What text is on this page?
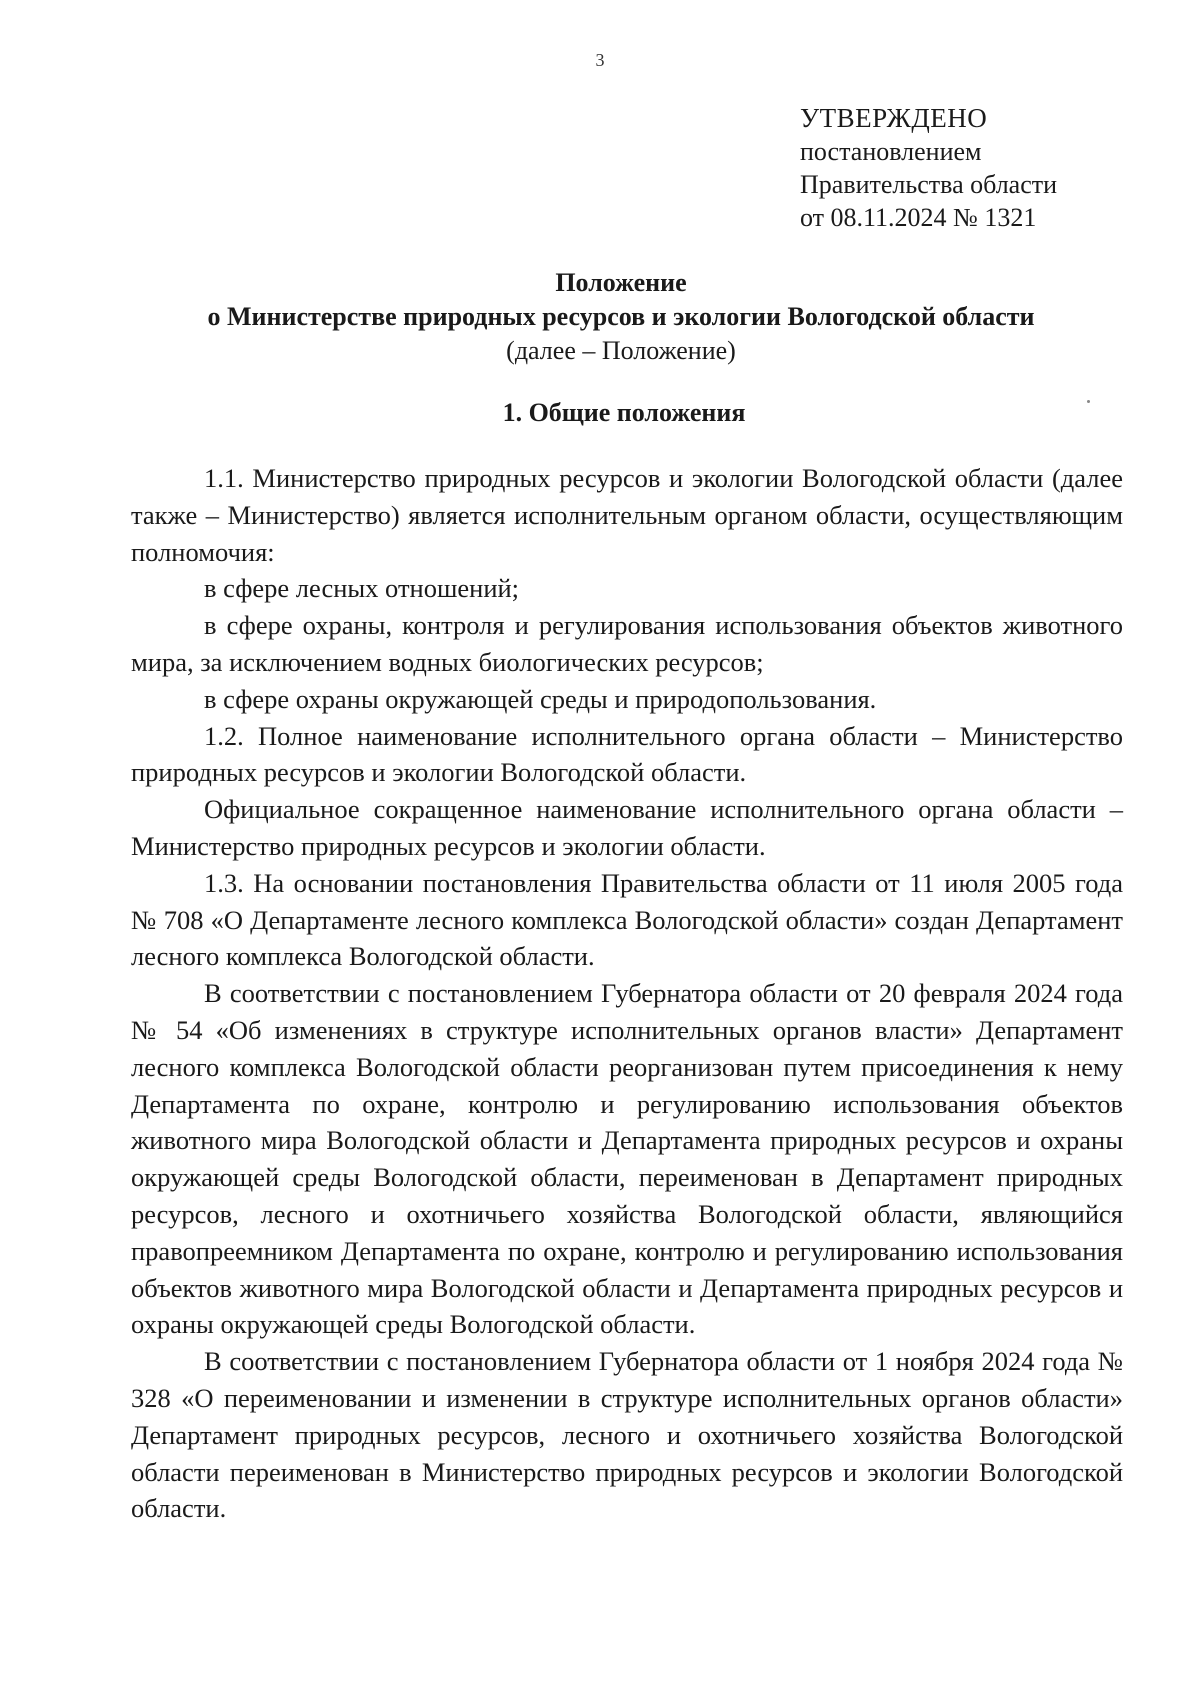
3
УТВЕРЖДЕНО
постановлением
Правительства области
от 08.11.2024 № 1321
Положение
о Министерстве природных ресурсов и экологии Вологодской области
(далее – Положение)
1. Общие положения

1.1. Министерство природных ресурсов и экологии Вологодской области (далее также – Министерство) является исполнительным органом области, осуществляющим полномочия:

в сфере лесных отношений;

в сфере охраны, контроля и регулирования использования объектов животного мира, за исключением водных биологических ресурсов;

в сфере охраны окружающей среды и природопользования.

1.2. Полное наименование исполнительного органа области – Министерство природных ресурсов и экологии Вологодской области.

Официальное сокращенное наименование исполнительного органа области – Министерство природных ресурсов и экологии области.

1.3. На основании постановления Правительства области от 11 июля 2005 года № 708 «О Департаменте лесного комплекса Вологодской области» создан Департамент лесного комплекса Вологодской области.

В соответствии с постановлением Губернатора области от 20 февраля 2024 года № 54 «Об изменениях в структуре исполнительных органов власти» Департамент лесного комплекса Вологодской области реорганизован путем присоединения к нему Департамента по охране, контролю и регулированию использования объектов животного мира Вологодской области и Департамента природных ресурсов и охраны окружающей среды Вологодской области, переименован в Департамент природных ресурсов, лесного и охотничьего хозяйства Вологодской области, являющийся правопреемником Департамента по охране, контролю и регулированию использования объектов животного мира Вологодской области и Департамента природных ресурсов и охраны окружающей среды Вологодской области.

В соответствии с постановлением Губернатора области от 1 ноября 2024 года № 328 «О переименовании и изменении в структуре исполнительных органов области» Департамент природных ресурсов, лесного и охотничьего хозяйства Вологодской области переименован в Министерство природных ресурсов и экологии Вологодской области.
